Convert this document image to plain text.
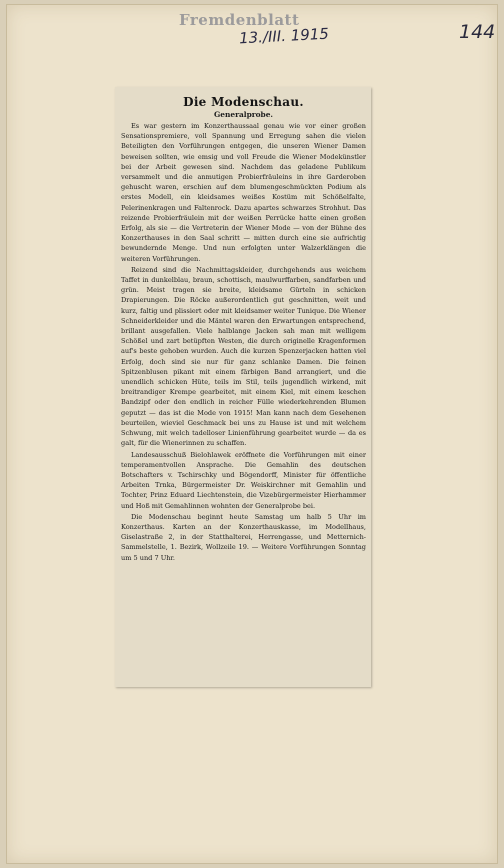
Fremdenblatt
13./III. 1915	144
Die Modenschau.
Generalprobe.

Es war gestern im Konzerthaussaal genau wie vor einer großen Sensationspremiere, voll Spannung und Erregung sahen die vielen Beteiligten den Vorführungen entgegen, die unseren Wiener Damen beweisen sollten, wie emsig und voll Freude die Wiener Modekünstler bei der Arbeit gewesen sind. Nachdem das geladene Publikum versammelt und die anmutigen Probierfräuleins in ihre Garderoben gehuscht waren, erschien auf dem blumengeschmückten Podium als erstes Modell, ein kleidsames weißes Kostüm mit Schößelfalte, Pelerinenkragen und Faltenrock. Dazu apartes schwarzes Strohhut. Das reizende Probierfräulein mit der weißen Perrücke hatte einen großen Erfolg, als sie — die Vertreterin der Wiener Mode — von der Bühne des Konzerthauses in den Saal schritt — mitten durch eine sie aufrichtig bewundernde Menge. Und nun erfolgten unter Walzerklängen die weiteren Vorführungen.

Reizend sind die Nachmittagskleider, durchgehends aus weichem Taffet in dunkelblau, braun, schottisch, maulwurffarben, sandfarben und grün. Meist tragen sie breite, kleidsame Gürteln in schicken Drapierungen. Die Röcke außerordentlich gut geschnitten, weit und kurz, faltig und plissiert oder mit kleidsamer weiter Tunique. Die Wiener Schneiderkleider und die Mäntel waren den Erwartungen entsprechend, brillant ausgefallen. Viele halblange Jacken sah man mit welligem Schößel und zart betüpften Westen, die durch originelle Kragenformen auf's beste gehoben wurden. Auch die kurzen Spenzerjacken hatten viel Erfolg, doch sind sie nur für ganz schlanke Damen. Die feinen Spitzenblusen pikant mit einem färbigen Band arrangiert, und die unendlich schicken Hüte, teils im Stil, teils jugendlich wirkend, mit breitrandiger Krempe gearbeitet, mit einem Kiel, mit einem keschen Bandzipf oder den endlich in reicher Fülle wiederkehrenden Blumen geputzt — das ist die Mode von 1915! Man kann nach dem Gesehenen beurteilen, wieviel Geschmack bei uns zu Hause ist und mit welchem Schwung, mit welch tadelloser Linienführung gearbeitet wurde — da es galt, für die Wienerinnen zu schaffen.

Landesausschuß Bielohlawek eröffnete die Vorführungen mit einer temperamentvollen Ansprache. Die Gemahlin des deutschen Botschafters v. Tschirschky und Bögendorff, Minister für öffentliche Arbeiten Trnka, Bürgermeister Dr. Weiskirchner mit Gemahlin und Tochter, Prinz Eduard Liechtenstein, die Vizebürgermeister Hierhammer und Hoß mit Gemahlinnen wohnten der Generalprobe bei.

Die Modenschau beginnt heute Samstag um halb 5 Uhr im Konzerthaus. Karten an der Konzerthauskasse, im Modellhaus, Giselastraße 2, in der Statthalterei, Herrengasse, und Metternich-Sammelstelle, 1. Bezirk, Wollzeile 19. — Weitere Vorführungen Sonntag um 5 und 7 Uhr.
